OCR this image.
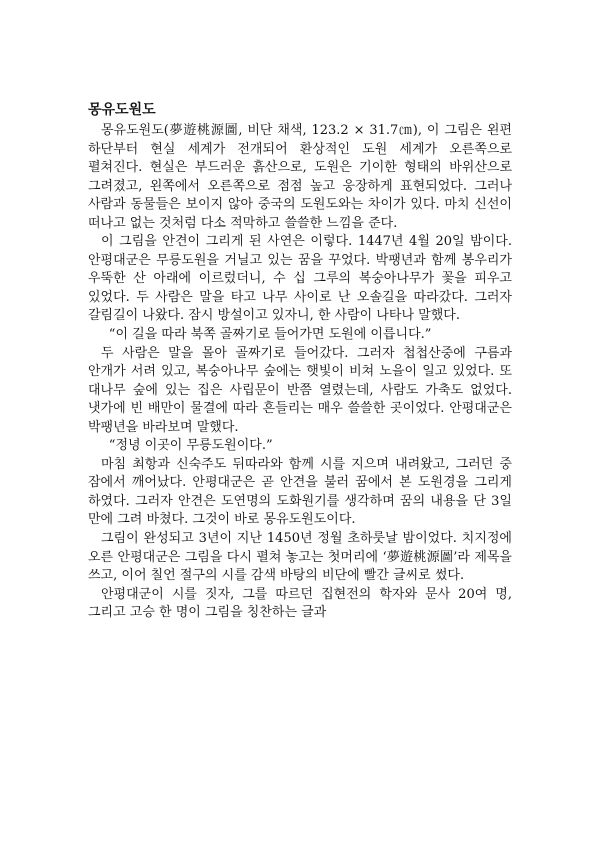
몽유도원도

몽유도원도(夢遊桃源圖, 비단 채색, 123.2 × 31.7㎝), 이 그림은 왼편 하단부터 현실 세계가 전개되어 환상적인 도원 세계가 오른쪽으로 펼쳐진다. 현실은 부드러운 흙산으로, 도원은 기이한 형태의 바위산으로 그려졌고, 왼쪽에서 오른쪽으로 점점 높고 웅장하게 표현되었다. 그러나 사람과 동물들은 보이지 않아 중국의 도원도와는 차이가 있다. 마치 신선이 떠나고 없는 것처럼 다소 적막하고 쓸쓸한 느낌을 준다.

이 그림을 안견이 그리게 된 사연은 이렇다. 1447년 4월 20일 밤이다. 안평대군은 무릉도원을 거닐고 있는 꿈을 꾸었다. 박팽년과 함께 봉우리가 우뚝한 산 아래에 이르렀더니, 수 십 그루의 복숭아나무가 꽃을 피우고 있었다. 두 사람은 말을 타고 나무 사이로 난 오솔길을 따라갔다. 그러자 갈림길이 나왔다. 잠시 방설이고 있자니, 한 사람이 나타나 말했다.

“이 길을 따라 북쪽 골짜기로 들어가면 도원에 이릅니다.”

두 사람은 말을 몰아 골짜기로 들어갔다. 그러자 첩첩산중에 구름과 안개가 서려 있고, 복숭아나무 숲에는 햇빛이 비쳐 노을이 일고 있었다. 또 대나무 숲에 있는 집은 사립문이 반쯤 열렸는데, 사람도 가축도 없었다. 냇가에 빈 배만이 물결에 따라 흔들리는 매우 쓸쓸한 곳이었다. 안평대군은 박팽년을 바라보며 말했다.

“정녕 이곳이 무릉도원이다.”

마침 최항과 신숙주도 뒤따라와 함께 시를 지으며 내려왔고, 그러던 중 잠에서 깨어났다. 안평대군은 곧 안견을 불러 꿈에서 본 도원경을 그리게 하였다. 그러자 안견은 도연명의 도화원기를 생각하며 꿈의 내용을 단 3일 만에 그려 바쳤다. 그것이 바로 몽유도원도이다.

그림이 완성되고 3년이 지난 1450년 정월 초하룻날 밤이었다. 치지정에 오른 안평대군은 그림을 다시 펼쳐 놓고는 첫머리에 ‘夢遊桃源圖’라 제목을 쓰고, 이어 칠언 절구의 시를 감색 바탕의 비단에 빨간 글씨로 썼다.

안평대군이 시를 짓자, 그를 따르던 집현전의 학자와 문사 20여 명, 그리고 고승 한 명이 그림을 칭찬하는 글과
